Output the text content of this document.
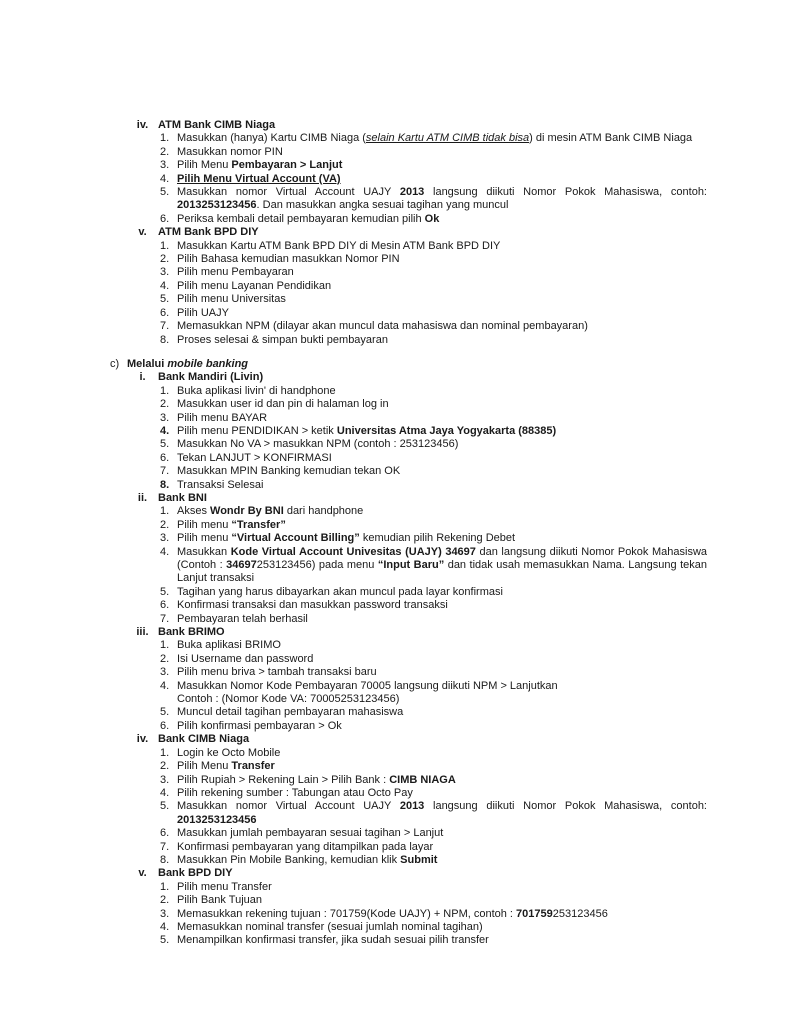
iv. ATM Bank CIMB Niaga
1. Masukkan (hanya) Kartu CIMB Niaga (selain Kartu ATM CIMB tidak bisa) di mesin ATM Bank CIMB Niaga
2. Masukkan nomor PIN
3. Pilih Menu Pembayaran > Lanjut
4. Pilih Menu Virtual Account (VA)
5. Masukkan nomor Virtual Account UAJY 2013 langsung diikuti Nomor Pokok Mahasiswa, contoh: 2013253123456. Dan masukkan angka sesuai tagihan yang muncul
6. Periksa kembali detail pembayaran kemudian pilih Ok
v.	ATM Bank BPD DIY
1. Masukkan Kartu ATM Bank BPD DIY di Mesin ATM Bank BPD DIY
2. Pilih Bahasa kemudian masukkan Nomor PIN
3. Pilih menu Pembayaran
4. Pilih menu Layanan Pendidikan
5. Pilih menu Universitas
6. Pilih UAJY
7. Memasukkan NPM (dilayar akan muncul data mahasiswa dan nominal pembayaran)
8. Proses selesai & simpan bukti pembayaran
c) Melalui mobile banking
i.	Bank Mandiri (Livin)
1. Buka aplikasi livin' di handphone
2. Masukkan user id dan pin di halaman log in
3. Pilih menu BAYAR
4. Pilih menu PENDIDIKAN > ketik Universitas Atma Jaya Yogyakarta (88385)
5. Masukkan No VA > masukkan NPM (contoh : 253123456)
6. Tekan LANJUT > KONFIRMASI
7. Masukkan MPIN Banking kemudian tekan OK
8. Transaksi Selesai
ii. Bank BNI
1. Akses Wondr By BNI dari handphone
2. Pilih menu “Transfer”
3. Pilih menu “Virtual Account Billing” kemudian pilih Rekening Debet
4. Masukkan Kode Virtual Account Univesitas (UAJY) 34697 dan langsung diikuti Nomor Pokok Mahasiswa (Contoh : 34697253123456) pada menu “Input Baru” dan tidak usah memasukkan Nama. Langsung tekan Lanjut transaksi
5. Tagihan yang harus dibayarkan akan muncul pada layar konfirmasi
6. Konfirmasi transaksi dan masukkan password transaksi
7. Pembayaran telah berhasil
iii. Bank BRIMO
1. Buka aplikasi BRIMO
2. Isi Username dan password
3. Pilih menu briva > tambah transaksi baru
4. Masukkan Nomor Kode Pembayaran 70005 langsung diikuti NPM > Lanjutkan
Contoh : (Nomor Kode VA: 70005253123456)
5. Muncul detail tagihan pembayaran mahasiswa
6. Pilih konfirmasi pembayaran > Ok
iv. Bank CIMB Niaga
1. Login ke Octo Mobile
2. Pilih Menu Transfer
3. Pilih Rupiah > Rekening Lain > Pilih Bank : CIMB NIAGA
4. Pilih rekening sumber : Tabungan atau Octo Pay
5. Masukkan nomor Virtual Account UAJY 2013 langsung diikuti Nomor Pokok Mahasiswa, contoh: 2013253123456
6. Masukkan jumlah pembayaran sesuai tagihan > Lanjut
7. Konfirmasi pembayaran yang ditampilkan pada layar
8. Masukkan Pin Mobile Banking, kemudian klik Submit
v.	Bank BPD DIY
1. Pilih menu Transfer
2. Pilih Bank Tujuan
3. Memasukkan rekening tujuan : 701759(Kode UAJY) + NPM, contoh : 701759253123456
4. Memasukkan nominal transfer (sesuai jumlah nominal tagihan)
5. Menampilkan konfirmasi transfer, jika sudah sesuai pilih transfer
